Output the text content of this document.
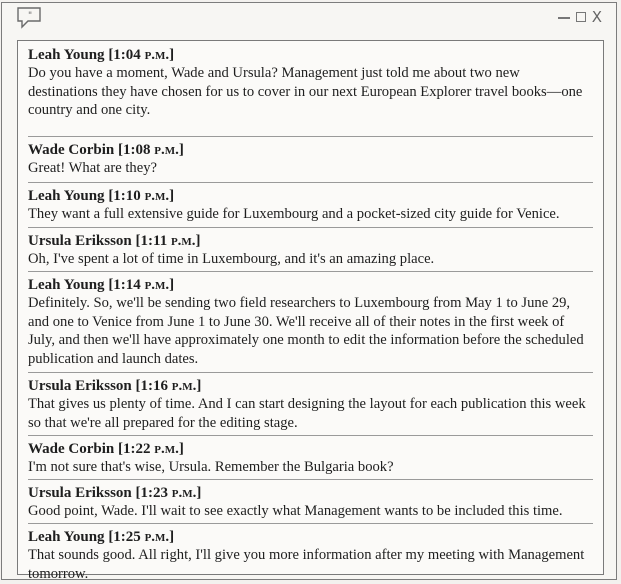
"	X
Leah Young [1:04 p.m.]
Do you have a moment, Wade and Ursula? Management just told me about two new destinations they have chosen for us to cover in our next European Explorer travel books—one country and one city.
Wade Corbin [1:08 p.m.]
Great! What are they?
Leah Young [1:10 p.m.]
They want a full extensive guide for Luxembourg and a pocket-sized city guide for Venice.
Ursula Eriksson [1:11 p.m.]
Oh, I've spent a lot of time in Luxembourg, and it's an amazing place.
Leah Young [1:14 p.m.]
Definitely. So, we'll be sending two field researchers to Luxembourg from May 1 to June 29, and one to Venice from June 1 to June 30. We'll receive all of their notes in the first week of July, and then we'll have approximately one month to edit the information before the scheduled publication and launch dates.
Ursula Eriksson [1:16 p.m.]
That gives us plenty of time. And I can start designing the layout for each publication this week so that we're all prepared for the editing stage.
Wade Corbin [1:22 p.m.]
I'm not sure that's wise, Ursula. Remember the Bulgaria book?
Ursula Eriksson [1:23 p.m.]
Good point, Wade. I'll wait to see exactly what Management wants to be included this time.
Leah Young [1:25 p.m.]
That sounds good. All right, I'll give you more information after my meeting with Management tomorrow.
